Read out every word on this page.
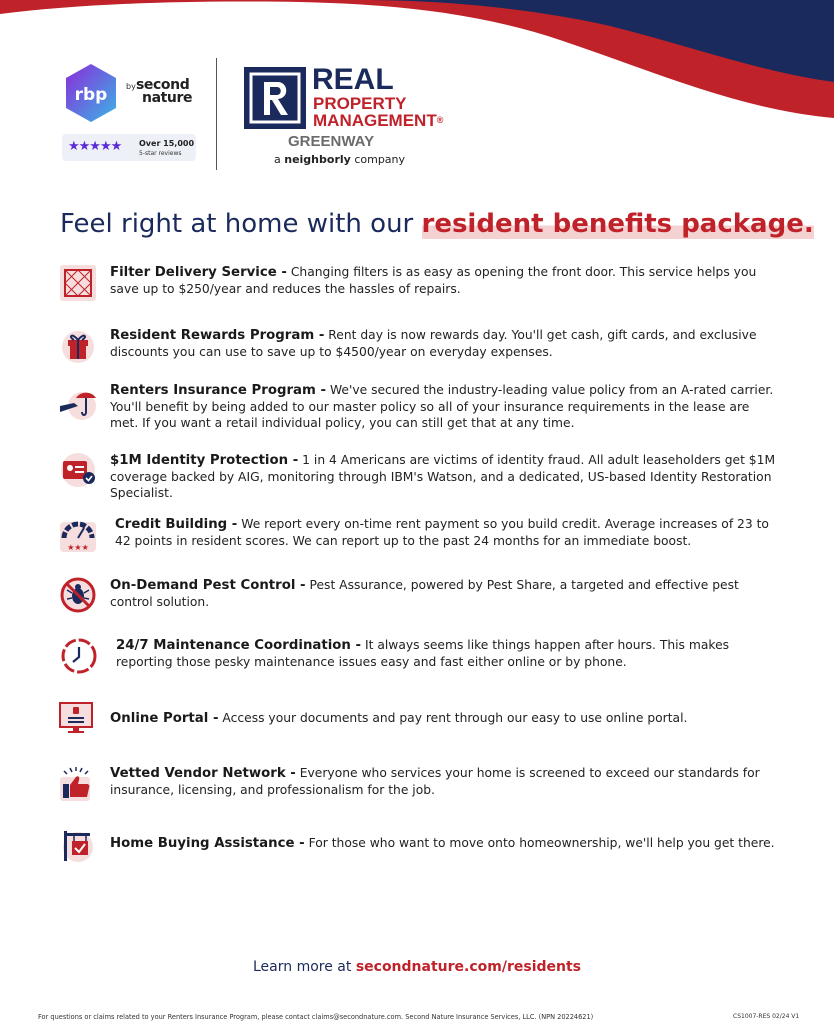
rbp by second
nature
★★★★★ Over 15,000
5-star reviews
REAL
PROPERTY
MANAGEMENT®
GREENWAY
a neighborly company
Feel right at home with our resident benefits package.
Filter Delivery Service - Changing filters is as easy as opening the front door. This service helps you save up to $250/year and reduces the hassles of repairs.
Resident Rewards Program - Rent day is now rewards day. You'll get cash, gift cards, and exclusive discounts you can use to save up to $4500/year on everyday expenses.
Renters Insurance Program - We've secured the industry-leading value policy from an A-rated carrier. You'll benefit by being added to our master policy so all of your insurance requirements in the lease are met. If you want a retail individual policy, you can still get that at any time.
$1M Identity Protection - 1 in 4 Americans are victims of identity fraud. All adult leaseholders get $1M coverage backed by AIG, monitoring through IBM's Watson, and a dedicated, US-based Identity Restoration Specialist.
★★★
Credit Building - We report every on-time rent payment so you build credit. Average increases of 23 to 42 points in resident scores. We can report up to the past 24 months for an immediate boost.
On-Demand Pest Control - Pest Assurance, powered by Pest Share, a targeted and effective pest control solution.
24/7 Maintenance Coordination - It always seems like things happen after hours. This makes reporting those pesky maintenance issues easy and fast either online or by phone.
Online Portal - Access your documents and pay rent through our easy to use online portal.
Vetted Vendor Network - Everyone who services your home is screened to exceed our standards for insurance, licensing, and professionalism for the job.
Home Buying Assistance - For those who want to move onto homeownership, we'll help you get there.
Learn more at secondnature.com/residents
For questions or claims related to your Renters Insurance Program, please contact claims@secondnature.com. Second Nature Insurance Services, LLC. (NPN 20224621)	CS1007-RES 02/24 V1
